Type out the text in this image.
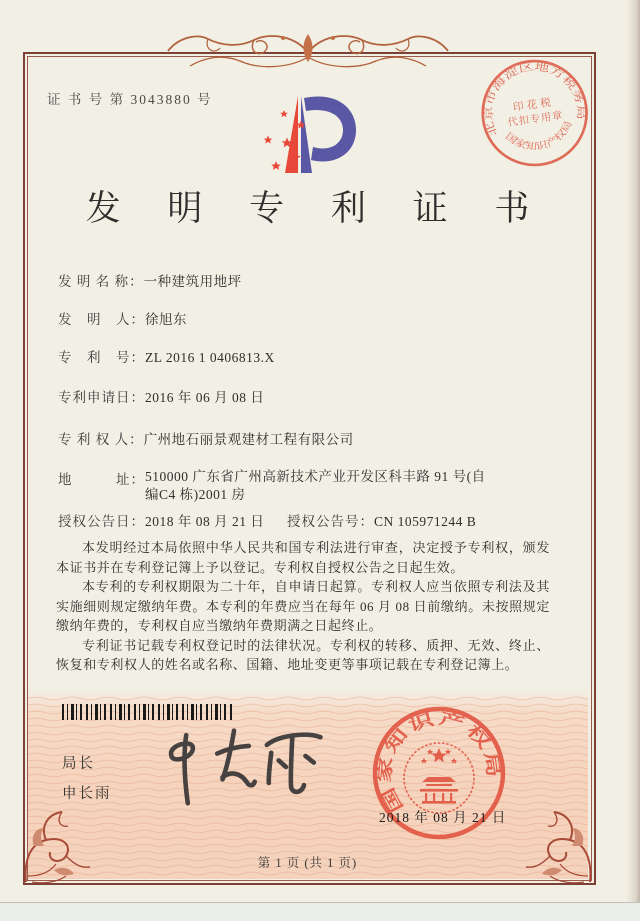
证 书 号 第 3043880 号
发 明 专 利 证 书
发 明 名 称：一种建筑用地坪
发　明　人：徐旭东
专　利　号：ZL 2016 1 0406813.X
专利申请日：2016 年 06 月 08 日
专 利 权 人：广州地石丽景观建材工程有限公司
地　　　址：510000 广东省广州高新技术产业开发区科丰路 91 号(自编C4 栋)2001 房
授权公告日：2018 年 08 月 21 日 授权公告号：CN 105971244 B

本发明经过本局依照中华人民共和国专利法进行审查，决定授予专利权，颁发本证书并在专利登记簿上予以登记。专利权自授权公告之日起生效。

本专利的专利权期限为二十年，自申请日起算。专利权人应当依照专利法及其实施细则规定缴纳年费。本专利的年费应当在每年 06 月 08 日前缴纳。未按照规定缴纳年费的，专利权自应当缴纳年费期满之日起终止。

专利证书记载专利权登记时的法律状况。专利权的转移、质押、无效、终止、恢复和专利权人的姓名或名称、国籍、地址变更等事项记载在专利登记簿上。

局长
申长雨	国家知识产权局
2018 年 08 月 21 日
北京市海淀区地方税务局
印花税
代扣专用章
国家知识产权局
第 1 页 (共 1 页)
